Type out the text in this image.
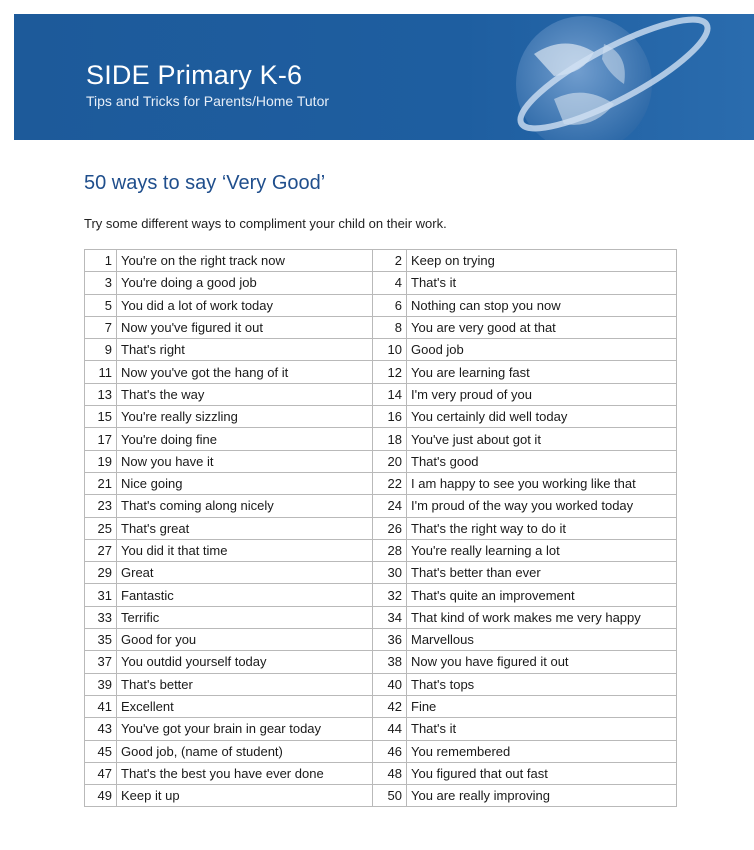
SIDE Primary K-6
Tips and Tricks for Parents/Home Tutor
50 ways to say ‘Very Good’
Try some different ways to compliment your child on their work.
1	You're on the right track now	2	Keep on trying
3	You're doing a good job	4	That's it
5	You did a lot of work today	6	Nothing can stop you now
7	Now you've figured it out	8	You are very good at that
9	That's right	10	Good job
11	Now you've got the hang of it	12	You are learning fast
13	That's the way	14	I'm very proud of you
15	You're really sizzling	16	You certainly did well today
17	You're doing fine	18	You've just about got it
19	Now you have it	20	That's good
21	Nice going	22	I am happy to see you working like that
23	That's coming along nicely	24	I'm proud of the way you worked today
25	That's great	26	That's the right way to do it
27	You did it that time	28	You're really learning a lot
29	Great	30	That's better than ever
31	Fantastic	32	That's quite an improvement
33	Terrific	34	That kind of work makes me very happy
35	Good for you	36	Marvellous
37	You outdid yourself today	38	Now you have figured it out
39	That's better	40	That's tops
41	Excellent	42	Fine
43	You've got your brain in gear today	44	That's it
45	Good job, (name of student)	46	You remembered
47	That's the best you have ever done	48	You figured that out fast
49	Keep it up	50	You are really improving
